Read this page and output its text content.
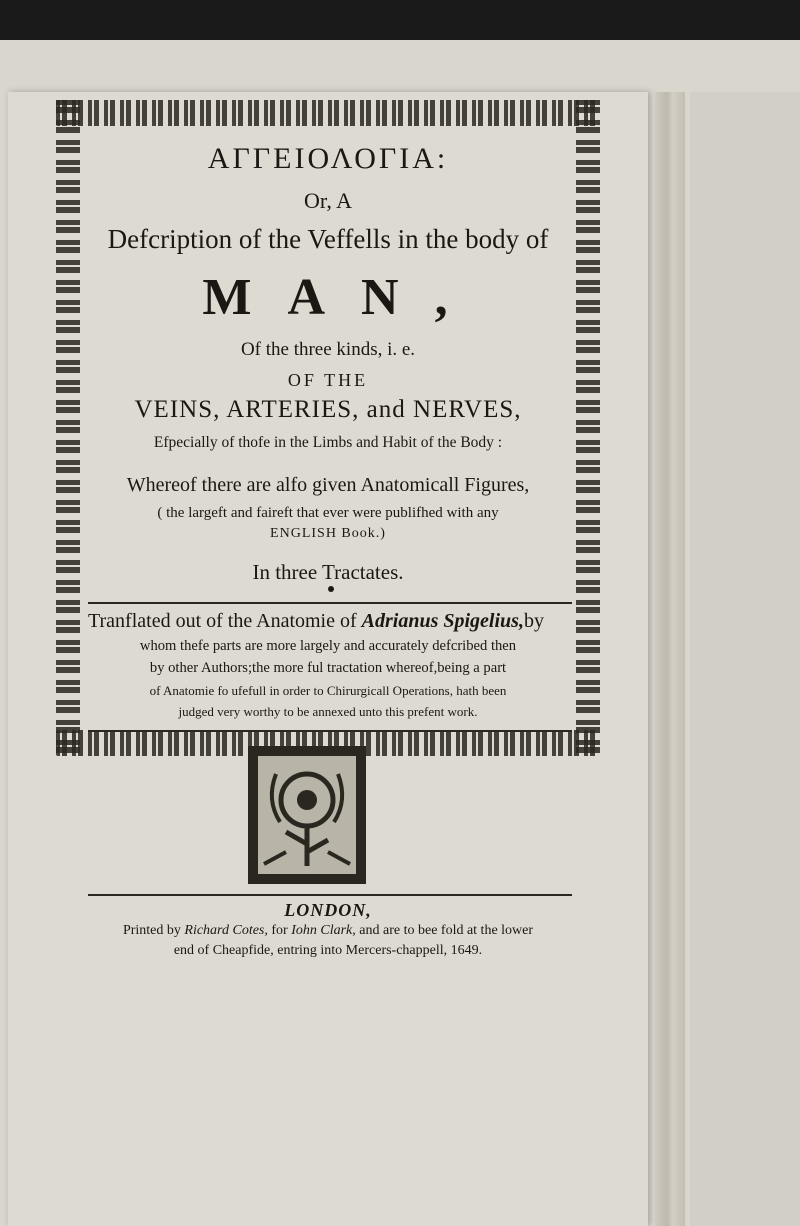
ΑΓΓΕΙΟΛΟΓΙΑ:
Or, A
Defcription of the Veffells in the body of
MAN,
Of the three kinds, i. e.
OF THE
VEINS, ARTERIES, and NERVES,
Efpecially of thofe in the Limbs and Habit of the Body :
Whereof there are alfo given Anatomicall Figures,
( the largeft and faireft that ever were publifhed with any
ENGLISH Book.)
In three Tractates.
Tranflated out of the Anatomie of Adrianus Spigelius,by
whom thefe parts are more largely and accurately defcribed then
by other Authors;the more ful tractation whereof,being a part
of Anatomie fo ufefull in order to Chirurgicall Operations, hath been
judged very worthy to be annexed unto this prefent work.
LONDON,
Printed by Richard Cotes, for Iohn Clark, and are to bee fold at the lower
end of Cheapfide, entring into Mercers-chappell, 1649.
